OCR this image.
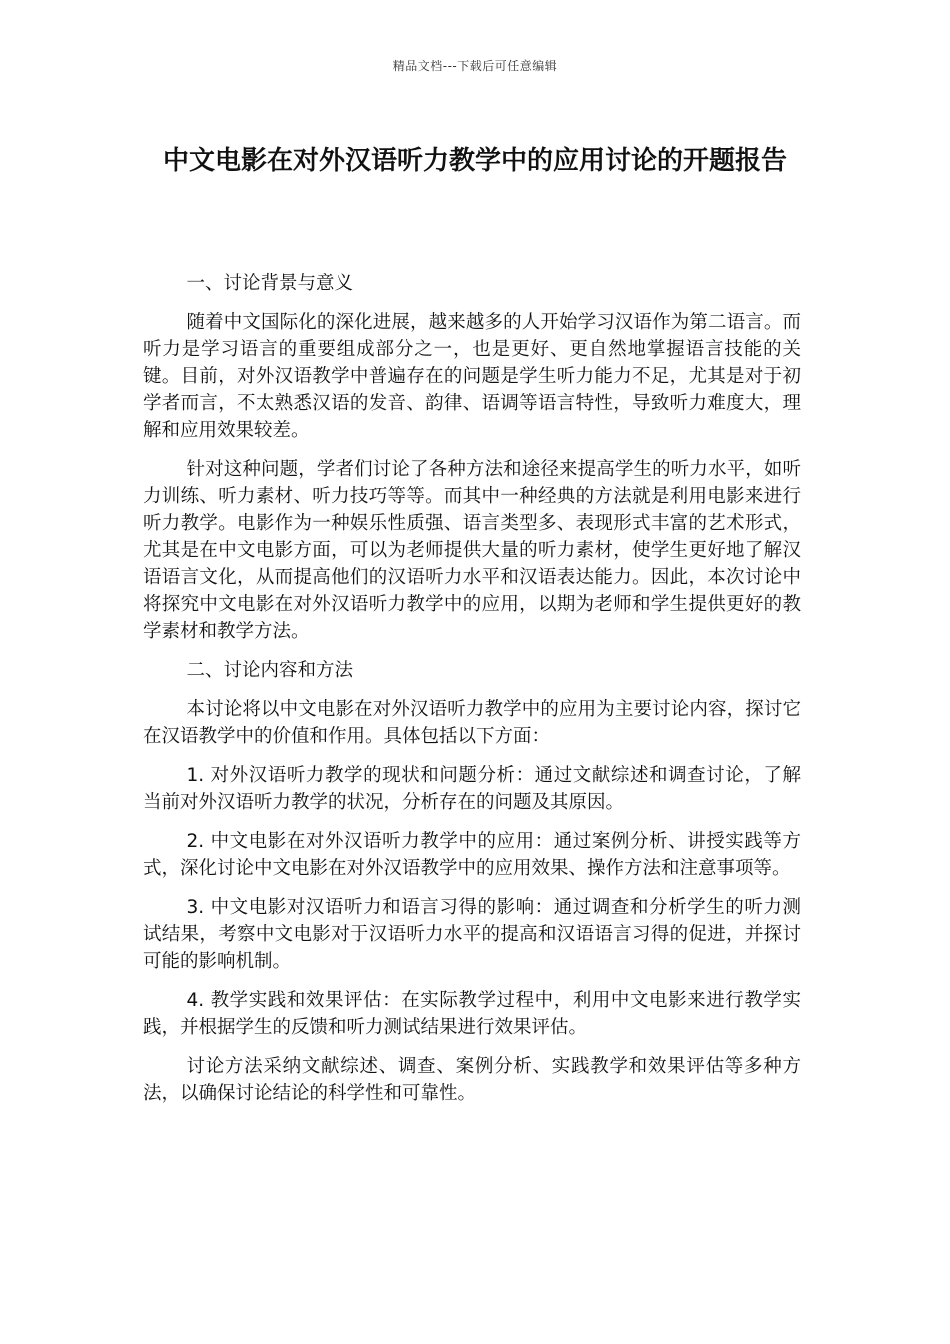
精品文档---下载后可任意编辑
中文电影在对外汉语听力教学中的应用讨论的开题报告

一、讨论背景与意义

随着中文国际化的深化进展，越来越多的人开始学习汉语作为第二语言。而听力是学习语言的重要组成部分之一，也是更好、更自然地掌握语言技能的关键。目前，对外汉语教学中普遍存在的问题是学生听力能力不足，尤其是对于初学者而言，不太熟悉汉语的发音、韵律、语调等语言特性，导致听力难度大，理解和应用效果较差。

针对这种问题，学者们讨论了各种方法和途径来提高学生的听力水平，如听力训练、听力素材、听力技巧等等。而其中一种经典的方法就是利用电影来进行听力教学。电影作为一种娱乐性质强、语言类型多、表现形式丰富的艺术形式，尤其是在中文电影方面，可以为老师提供大量的听力素材，使学生更好地了解汉语语言文化，从而提高他们的汉语听力水平和汉语表达能力。因此，本次讨论中将探究中文电影在对外汉语听力教学中的应用，以期为老师和学生提供更好的教学素材和教学方法。

二、讨论内容和方法

本讨论将以中文电影在对外汉语听力教学中的应用为主要讨论内容，探讨它在汉语教学中的价值和作用。具体包括以下方面：

1. 对外汉语听力教学的现状和问题分析：通过文献综述和调查讨论，了解当前对外汉语听力教学的状况，分析存在的问题及其原因。

2. 中文电影在对外汉语听力教学中的应用：通过案例分析、讲授实践等方式，深化讨论中文电影在对外汉语教学中的应用效果、操作方法和注意事项等。

3. 中文电影对汉语听力和语言习得的影响：通过调查和分析学生的听力测试结果，考察中文电影对于汉语听力水平的提高和汉语语言习得的促进，并探讨可能的影响机制。

4. 教学实践和效果评估：在实际教学过程中，利用中文电影来进行教学实践，并根据学生的反馈和听力测试结果进行效果评估。

讨论方法采纳文献综述、调查、案例分析、实践教学和效果评估等多种方法，以确保讨论结论的科学性和可靠性。
